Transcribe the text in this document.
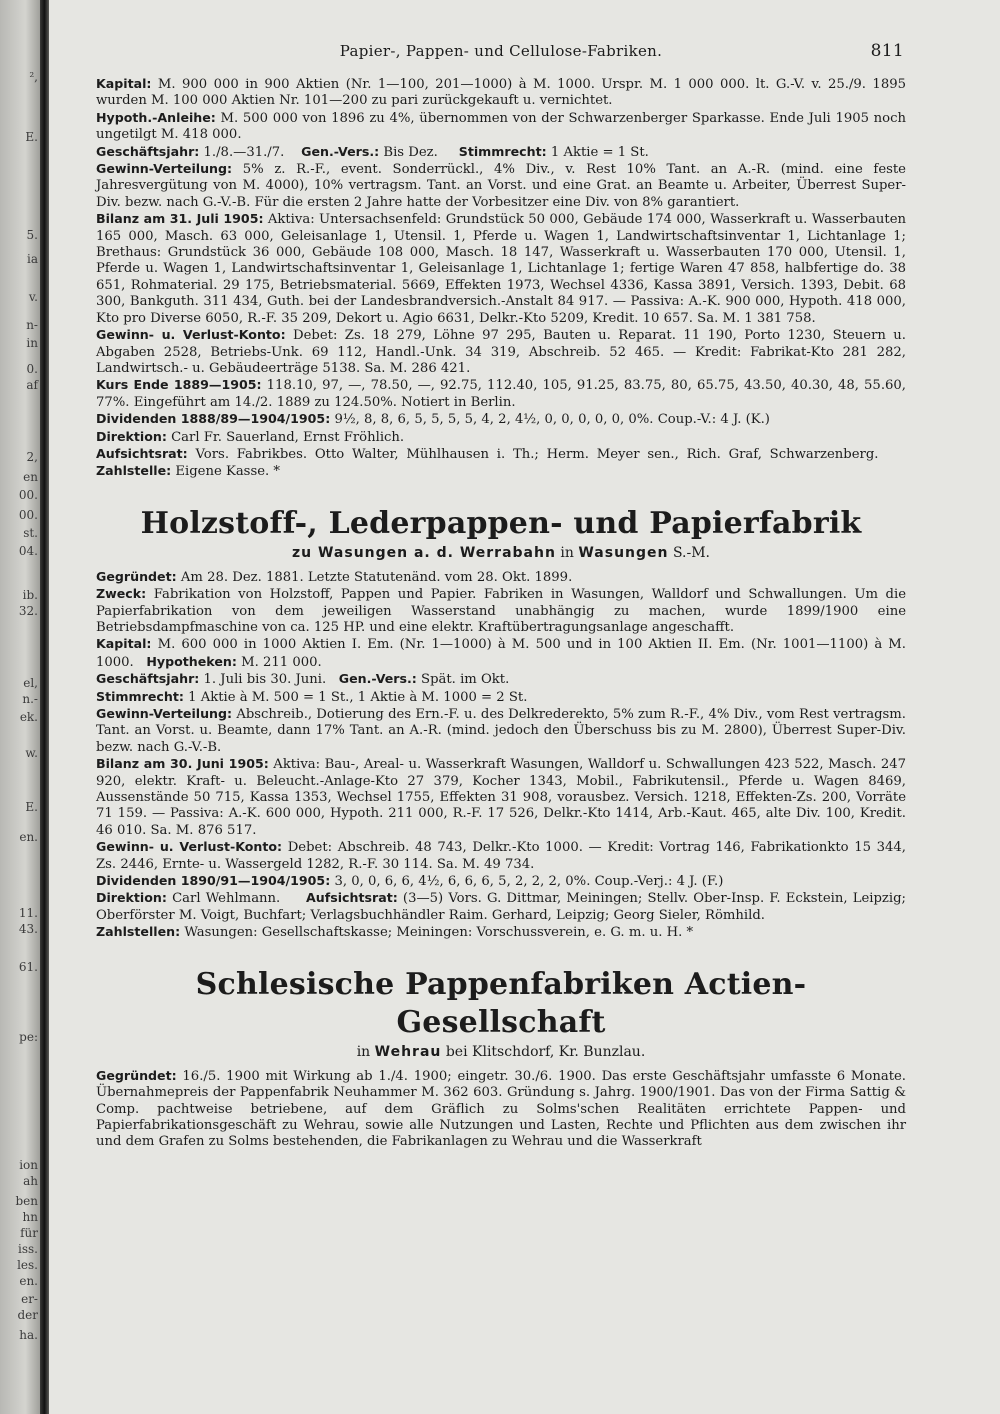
²,
E.
5.
ia
v.
n-
in
0.
af
2,
en
00.
00.
st.
04.
ib.
32.
el,
n.-
ek.
w.
E.
en.
11.
43.
61.
pe:
ion
ah
ben
hn
für
iss.
les.
en.
er-
der
ha.
Papier-, Pappen- und Cellulose-Fabriken.	811

Kapital: M. 900 000 in 900 Aktien (Nr. 1—100, 201—1000) à M. 1000. Urspr. M. 1 000 000. lt. G.-V. v. 25./9. 1895 wurden M. 100 000 Aktien Nr. 101—200 zu pari zurückgekauft u. vernichtet.

Hypoth.-Anleihe: M. 500 000 von 1896 zu 4%, übernommen von der Schwarzenberger Sparkasse. Ende Juli 1905 noch ungetilgt M. 418 000.

Geschäftsjahr: 1./8.—31./7. Gen.-Vers.: Bis Dez. Stimmrecht: 1 Aktie = 1 St.

Gewinn-Verteilung: 5% z. R.-F., event. Sonderrückl., 4% Div., v. Rest 10% Tant. an A.-R. (mind. eine feste Jahresvergütung von M. 4000), 10% vertragsm. Tant. an Vorst. und eine Grat. an Beamte u. Arbeiter, Überrest Super-Div. bezw. nach G.-V.-B. Für die ersten 2 Jahre hatte der Vorbesitzer eine Div. von 8% garantiert.

Bilanz am 31. Juli 1905: Aktiva: Untersachsenfeld: Grundstück 50 000, Gebäude 174 000, Wasserkraft u. Wasserbauten 165 000, Masch. 63 000, Geleisanlage 1, Utensil. 1, Pferde u. Wagen 1, Landwirtschaftsinventar 1, Lichtanlage 1; Brethaus: Grundstück 36 000, Gebäude 108 000, Masch. 18 147, Wasserkraft u. Wasserbauten 170 000, Utensil. 1, Pferde u. Wagen 1, Landwirtschaftsinventar 1, Geleisanlage 1, Lichtanlage 1; fertige Waren 47 858, halbfertige do. 38 651, Rohmaterial. 29 175, Betriebsmaterial. 5669, Effekten 1973, Wechsel 4336, Kassa 3891, Versich. 1393, Debit. 68 300, Bankguth. 311 434, Guth. bei der Landesbrandversich.-Anstalt 84 917. — Passiva: A.-K. 900 000, Hypoth. 418 000, Kto pro Diverse 6050, R.-F. 35 209, Dekort u. Agio 6631, Delkr.-Kto 5209, Kredit. 10 657. Sa. M. 1 381 758.

Gewinn- u. Verlust-Konto: Debet: Zs. 18 279, Löhne 97 295, Bauten u. Reparat. 11 190, Porto 1230, Steuern u. Abgaben 2528, Betriebs-Unk. 69 112, Handl.-Unk. 34 319, Abschreib. 52 465. — Kredit: Fabrikat-Kto 281 282, Landwirtsch.- u. Gebäudeerträge 5138. Sa. M. 286 421.

Kurs Ende 1889—1905: 118.10, 97, —, 78.50, —, 92.75, 112.40, 105, 91.25, 83.75, 80, 65.75, 43.50, 40.30, 48, 55.60, 77%. Eingeführt am 14./2. 1889 zu 124.50%. Notiert in Berlin.

Dividenden 1888/89—1904/1905: 9½, 8, 8, 6, 5, 5, 5, 5, 4, 2, 4½, 0, 0, 0, 0, 0, 0%. Coup.-V.: 4 J. (K.)

Direktion: Carl Fr. Sauerland, Ernst Fröhlich.

Aufsichtsrat: Vors. Fabrikbes. Otto Walter, Mühlhausen i. Th.; Herm. Meyer sen., Rich. Graf, Schwarzenberg.     Zahlstelle: Eigene Kasse. *

Holzstoff-, Lederpappen- und Papierfabrik
zu Wasungen a. d. Werrabahn in Wasungen S.-M.

Gegründet: Am 28. Dez. 1881. Letzte Statutenänd. vom 28. Okt. 1899.

Zweck: Fabrikation von Holzstoff, Pappen und Papier. Fabriken in Wasungen, Walldorf und Schwallungen. Um die Papierfabrikation von dem jeweiligen Wasserstand unabhängig zu machen, wurde 1899/1900 eine Betriebsdampfmaschine von ca. 125 HP. und eine elektr. Kraftübertragungsanlage angeschafft.

Kapital: M. 600 000 in 1000 Aktien I. Em. (Nr. 1—1000) à M. 500 und in 100 Aktien II. Em. (Nr. 1001—1100) à M. 1000. Hypotheken: M. 211 000.

Geschäftsjahr: 1. Juli bis 30. Juni. Gen.-Vers.: Spät. im Okt.

Stimmrecht: 1 Aktie à M. 500 = 1 St., 1 Aktie à M. 1000 = 2 St.

Gewinn-Verteilung: Abschreib., Dotierung des Ern.-F. u. des Delkrederekto, 5% zum R.-F., 4% Div., vom Rest vertragsm. Tant. an Vorst. u. Beamte, dann 17% Tant. an A.-R. (mind. jedoch den Überschuss bis zu M. 2800), Überrest Super-Div. bezw. nach G.-V.-B.

Bilanz am 30. Juni 1905: Aktiva: Bau-, Areal- u. Wasserkraft Wasungen, Walldorf u. Schwallungen 423 522, Masch. 247 920, elektr. Kraft- u. Beleucht.-Anlage-Kto 27 379, Kocher 1343, Mobil., Fabrikutensil., Pferde u. Wagen 8469, Aussenstände 50 715, Kassa 1353, Wechsel 1755, Effekten 31 908, vorausbez. Versich. 1218, Effekten-Zs. 200, Vorräte 71 159. — Passiva: A.-K. 600 000, Hypoth. 211 000, R.-F. 17 526, Delkr.-Kto 1414, Arb.-Kaut. 465, alte Div. 100, Kredit. 46 010. Sa. M. 876 517.

Gewinn- u. Verlust-Konto: Debet: Abschreib. 48 743, Delkr.-Kto 1000. — Kredit: Vortrag 146, Fabrikationkto 15 344, Zs. 2446, Ernte- u. Wassergeld 1282, R.-F. 30 114. Sa. M. 49 734.

Dividenden 1890/91—1904/1905: 3, 0, 0, 6, 6, 4½, 6, 6, 6, 5, 2, 2, 2, 0%. Coup.-Verj.: 4 J. (F.)

Direktion: Carl Wehlmann. Aufsichtsrat: (3—5) Vors. G. Dittmar, Meiningen; Stellv. Ober-Insp. F. Eckstein, Leipzig; Oberförster M. Voigt, Buchfart; Verlagsbuchhändler Raim. Gerhard, Leipzig; Georg Sieler, Römhild.

Zahlstellen: Wasungen: Gesellschaftskasse; Meiningen: Vorschussverein, e. G. m. u. H. *

Schlesische Pappenfabriken Actien-Gesellschaft
in Wehrau bei Klitschdorf, Kr. Bunzlau.

Gegründet: 16./5. 1900 mit Wirkung ab 1./4. 1900; eingetr. 30./6. 1900. Das erste Geschäftsjahr umfasste 6 Monate. Übernahmepreis der Pappenfabrik Neuhammer M. 362 603. Gründung s. Jahrg. 1900/1901. Das von der Firma Sattig & Comp. pachtweise betriebene, auf dem Gräflich zu Solms'schen Realitäten errichtete Pappen- und Papierfabrikationsgeschäft zu Wehrau, sowie alle Nutzungen und Lasten, Rechte und Pflichten aus dem zwischen ihr und dem Grafen zu Solms bestehenden, die Fabrikanlagen zu Wehrau und die Wasserkraft
